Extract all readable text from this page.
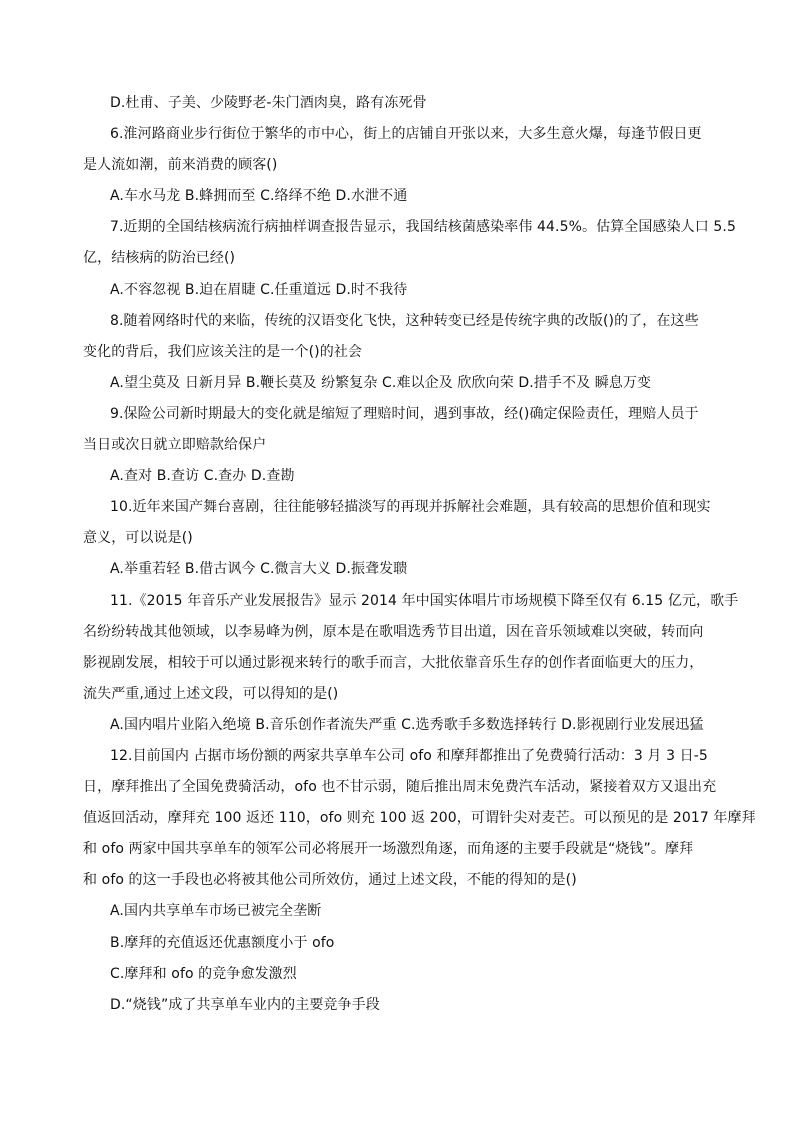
D.杜甫、子美、少陵野老-朱门酒肉臭，路有冻死骨
6.淮河路商业步行街位于繁华的市中心，街上的店铺自开张以来，大多生意火爆，每逢节假日更
是人流如潮，前来消费的顾客()
A.车水马龙 B.蜂拥而至 C.络绎不绝 D.水泄不通
7.近期的全国结核病流行病抽样调查报告显示，我国结核菌感染率伟 44.5%。估算全国感染人口 5.5
亿，结核病的防治已经()
A.不容忽视 B.迫在眉睫 C.任重道远 D.时不我待
8.随着网络时代的来临，传统的汉语变化飞快，这种转变已经是传统字典的改版()的了，在这些
变化的背后，我们应该关注的是一个()的社会
A.望尘莫及 日新月异 B.鞭长莫及 纷繁复杂 C.难以企及 欣欣向荣 D.措手不及 瞬息万变
9.保险公司新时期最大的变化就是缩短了理赔时间，遇到事故，经()确定保险责任，理赔人员于
当日或次日就立即赔款给保户
A.查对 B.查访 C.查办 D.查勘
10.近年来国产舞台喜剧，往往能够轻描淡写的再现并拆解社会难题，具有较高的思想价值和现实
意义，可以说是()
A.举重若轻 B.借古讽今 C.微言大义 D.振聋发聩
11.《2015 年音乐产业发展报告》显示 2014 年中国实体唱片市场规模下降至仅有 6.15 亿元，歌手
名纷纷转战其他领域，以李易峰为例，原本是在歌唱选秀节目出道，因在音乐领域难以突破，转而向
影视剧发展，相较于可以通过影视来转行的歌手而言，大批依靠音乐生存的创作者面临更大的压力，
流失严重,通过上述文段，可以得知的是()
A.国内唱片业陷入绝境 B.音乐创作者流失严重 C.选秀歌手多数选择转行 D.影视剧行业发展迅猛
12.目前国内 占据市场份额的两家共享单车公司 ofo 和摩拜都推出了免费骑行活动：3 月 3 日-5
日，摩拜推出了全国免费骑活动，ofo 也不甘示弱，随后推出周末免费汽车活动，紧接着双方又退出充
值返回活动，摩拜充 100 返还 110，ofo 则充 100 返 200，可谓针尖对麦芒。可以预见的是 2017 年摩拜
和 ofo 两家中国共享单车的领军公司必将展开一场激烈角逐，而角逐的主要手段就是“烧钱”。摩拜
和 ofo 的这一手段也必将被其他公司所效仿，通过上述文段，不能的得知的是()
A.国内共享单车市场已被完全垄断
B.摩拜的充值返还优惠额度小于 ofo
C.摩拜和 ofo 的竞争愈发激烈
D.“烧钱”成了共享单车业内的主要竞争手段
